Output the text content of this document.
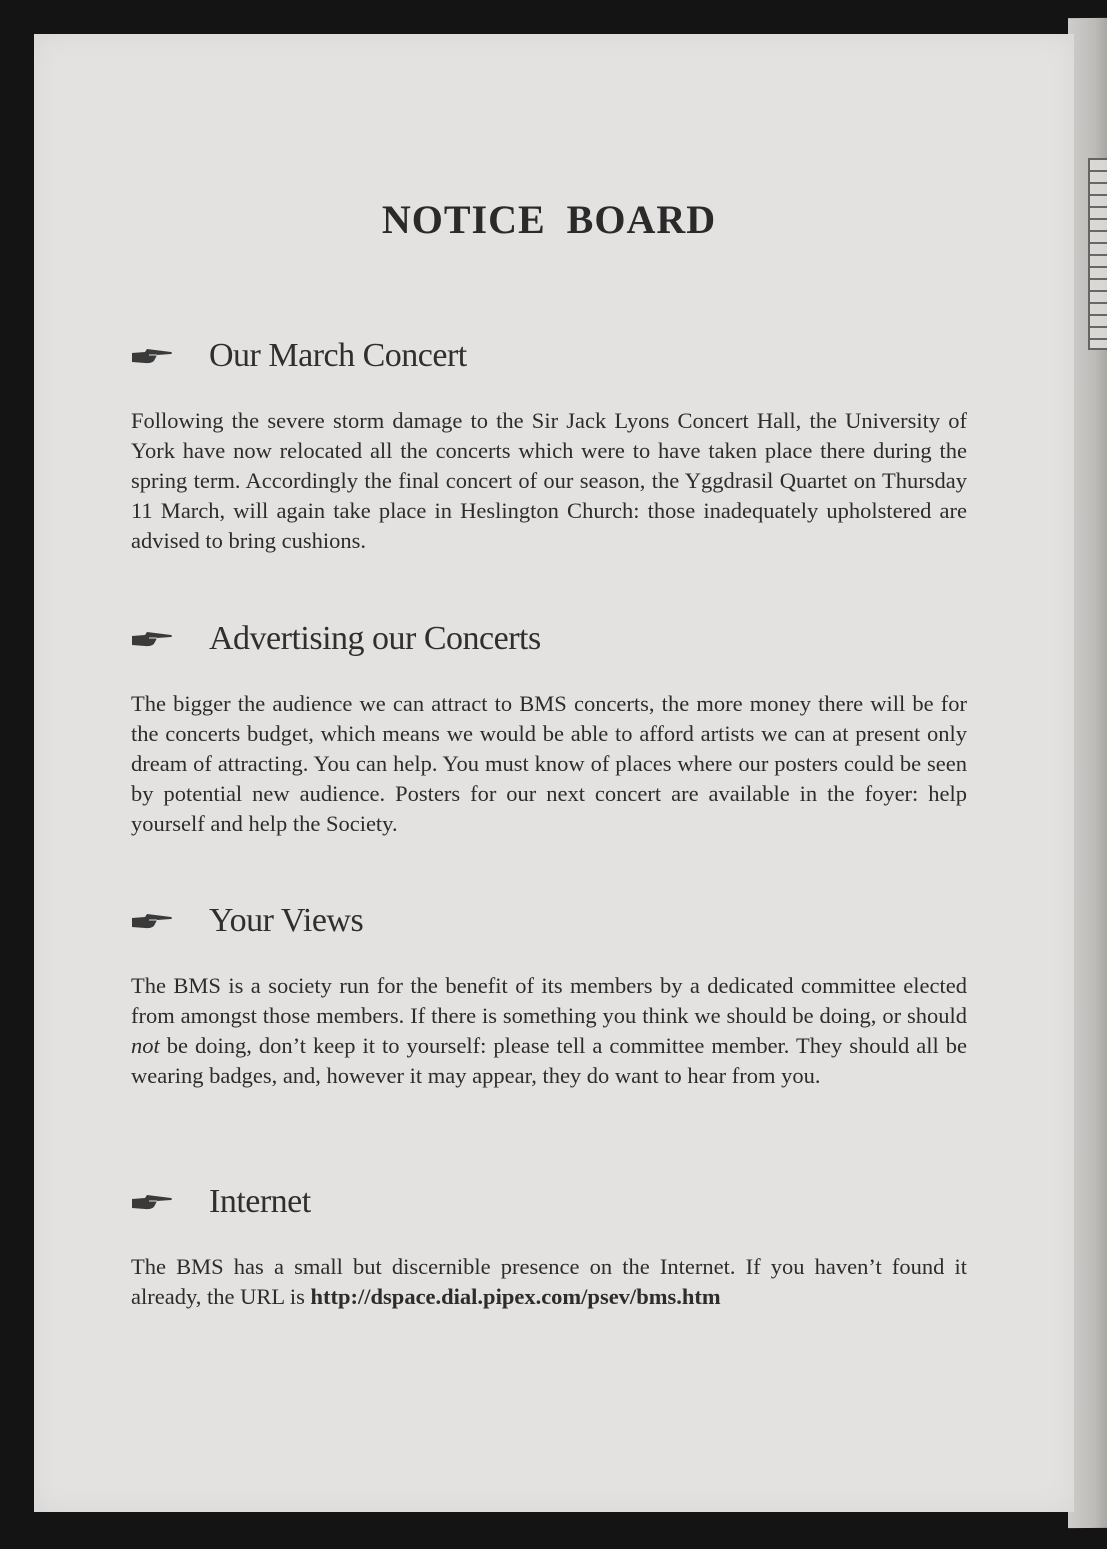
NOTICE BOARD
Our March Concert

Following the severe storm damage to the Sir Jack Lyons Concert Hall, the University of York have now relocated all the concerts which were to have taken place there during the spring term. Accordingly the final concert of our season, the Yggdrasil Quartet on Thursday 11 March, will again take place in Heslington Church: those inadequately upholstered are advised to bring cushions.

Advertising our Concerts

The bigger the audience we can attract to BMS concerts, the more money there will be for the concerts budget, which means we would be able to afford artists we can at present only dream of attracting. You can help. You must know of places where our posters could be seen by potential new audience. Posters for our next concert are available in the foyer: help yourself and help the Society.

Your Views

The BMS is a society run for the benefit of its members by a dedicated committee elected from amongst those members. If there is something you think we should be doing, or should not be doing, don’t keep it to yourself: please tell a committee member. They should all be wearing badges, and, however it may appear, they do want to hear from you.

Internet

The BMS has a small but discernible presence on the Internet. If you haven’t found it already, the URL is http://dspace.dial.pipex.com/psev/bms.htm
